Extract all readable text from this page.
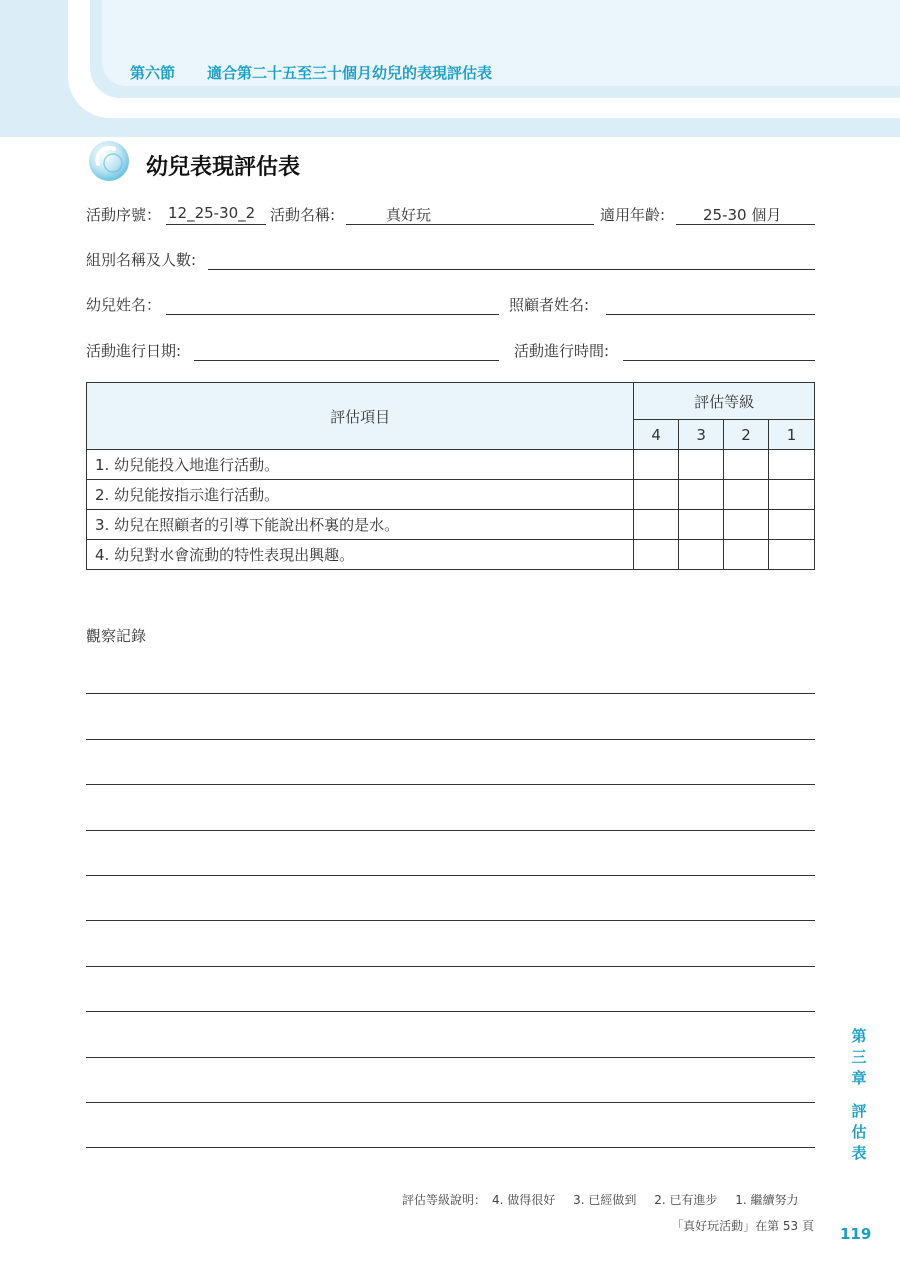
第六節 適合第二十五至三十個月幼兒的表現評估表
幼兒表現評估表
活動序號： 12_25-30_2 活動名稱:	真好玩	適用年齡:	25-30 個月
組別名稱及人數:
幼兒姓名：	照顧者姓名:
活動進行日期:	活動進行時間:
評估項目	評估等級			
	4	3	2	1
1. 幼兒能投入地進行活動。				
2. 幼兒能按指示進行活動。				
3. 幼兒在照顧者的引導下能說出杯裏的是水。				
4. 幼兒對水會流動的特性表現出興趣。				
觀察記錄
第
三
章
評
估
表
評估等級說明： 4. 做得很好 3. 已經做到 2. 已有進步 1. 繼續努力
「真好玩活動」在第 53 頁 119
